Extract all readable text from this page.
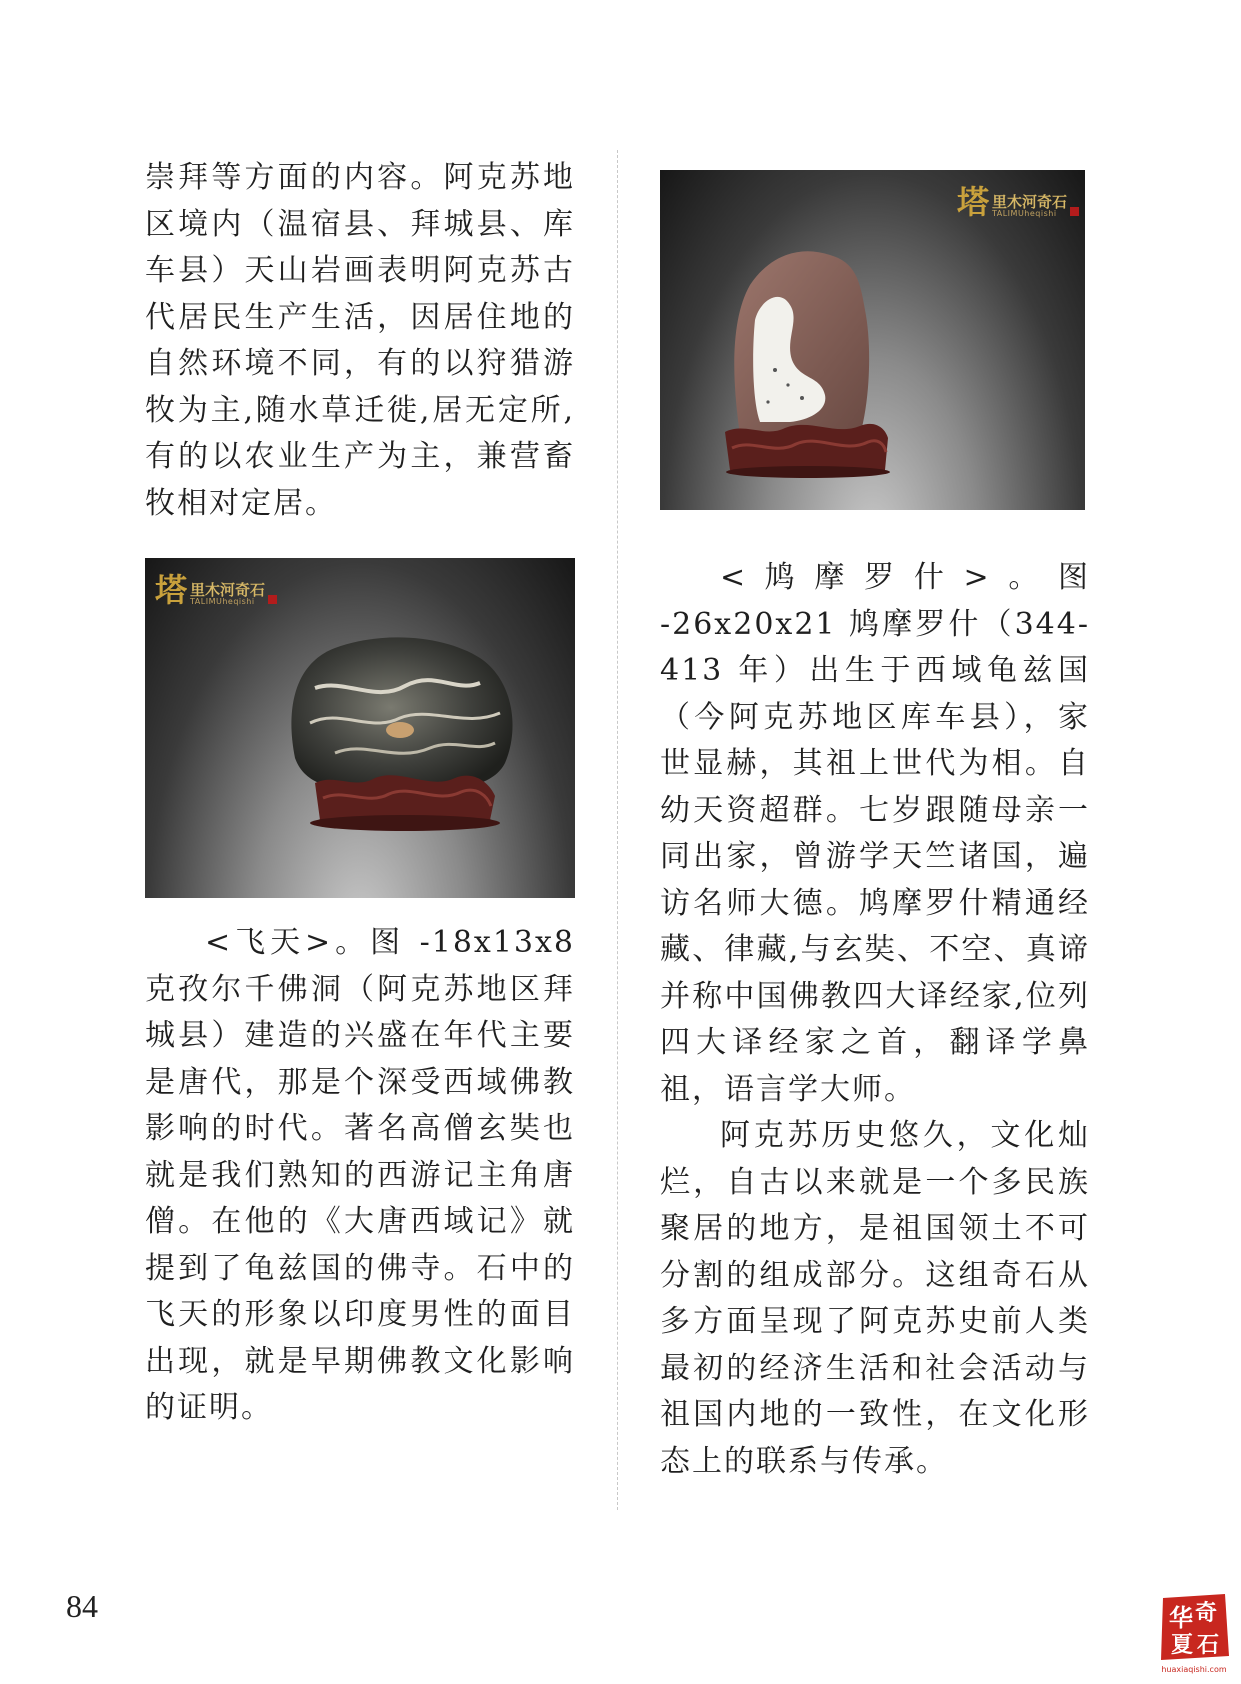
崇拜等方面的内容。阿克苏地区境内（温宿县、拜城县、库车县）天山岩画表明阿克苏古代居民生产生活，因居住地的自然环境不同，有的以狩猎游牧为主,随水草迁徙,居无定所,有的以农业生产为主，兼营畜牧相对定居。

塔 里木河奇石
TALIMUheqishi

<飞天>。图 -18x13x8 克孜尔千佛洞（阿克苏地区拜城县）建造的兴盛在年代主要是唐代，那是个深受西域佛教影响的时代。著名高僧玄奘也就是我们熟知的西游记主角唐僧。在他的《大唐西域记》就提到了龟兹国的佛寺。石中的飞天的形象以印度男性的面目出现，就是早期佛教文化影响的证明。

塔 里木河奇石
TALIMUheqishi

<鸠摩罗什>。图 -26x20x21 鸠摩罗什（344-413 年）出生于西域龟兹国（今阿克苏地区库车县），家世显赫，其祖上世代为相。自幼天资超群。七岁跟随母亲一同出家，曾游学天竺诸国，遍访名师大德。鸠摩罗什精通经藏、律藏,与玄奘、不空、真谛并称中国佛教四大译经家,位列四大译经家之首，翻译学鼻祖，语言学大师。

阿克苏历史悠久，文化灿烂，自古以来就是一个多民族聚居的地方，是祖国领土不可分割的组成部分。这组奇石从多方面呈现了阿克苏史前人类最初的经济生活和社会活动与祖国内地的一致性，在文化形态上的联系与传承。

84	华 奇
夏 石
huaxiaqishi.com
